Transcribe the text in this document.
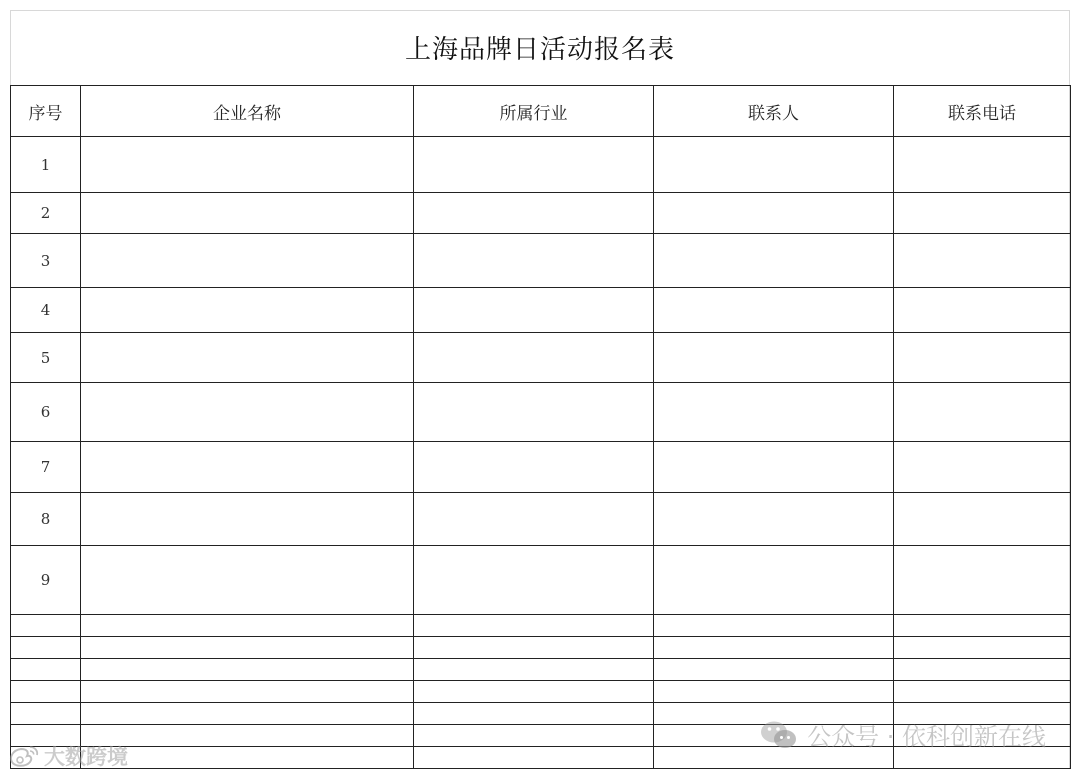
上海品牌日活动报名表
序号	企业名称	所属行业	联系人	联系电话
1				
2				
3				
4				
5				
6				
7				
8				
9				

公众号 · 依科创新在线
大数跨境
